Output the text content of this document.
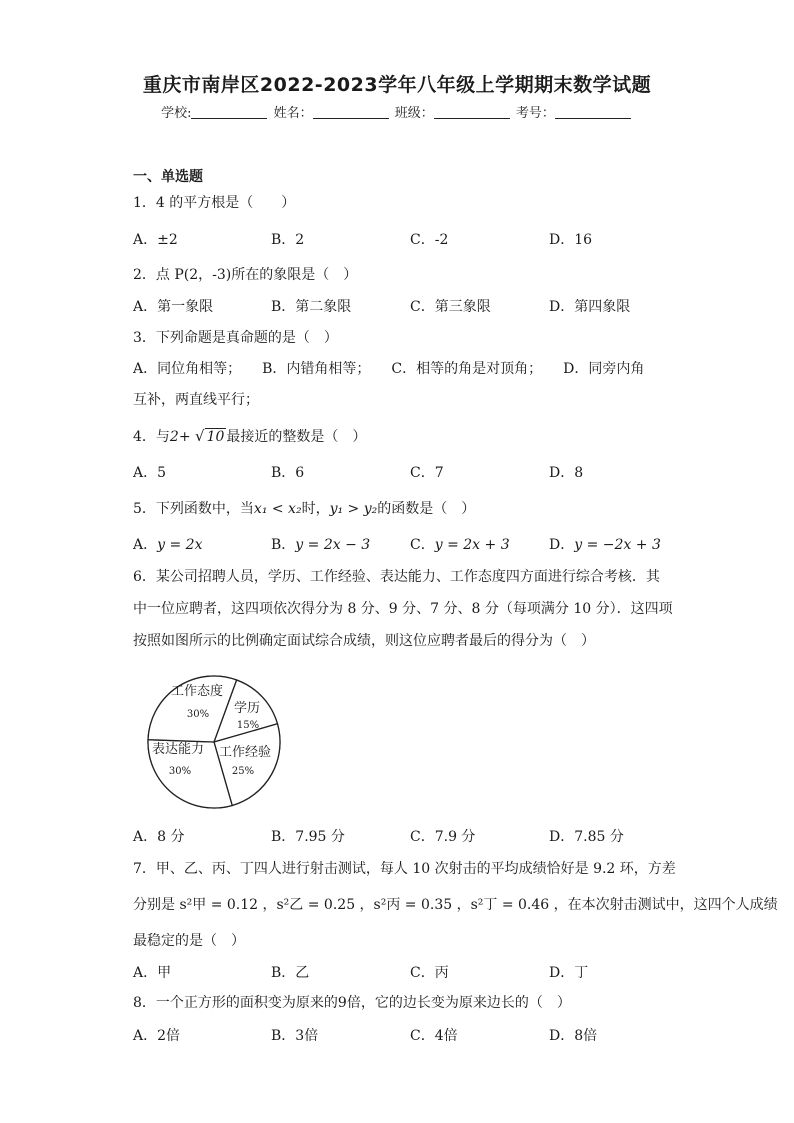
重庆市南岸区2022-2023学年八年级上学期期末数学试题
学校:	姓名：	班级：	考号：
一、单选题
1．4 的平方根是（　　）
A．±2	B．2	C．-2	D．16
2．点 P(2，-3)所在的象限是（　）
A．第一象限	B．第二象限	C．第三象限	D．第四象限
3．下列命题是真命题的是（　）
A．同位角相等；　　B．内错角相等；　　C．相等的角是对顶角；　　D．同旁内角
互补，两直线平行；
4．与2+ √ 10 最接近的整数是（　）
A．5	B．6	C．7	D．8
5．下列函数中，当x₁ < x₂时，y₁ > y₂的函数是（　）
A．y = 2x	B．y = 2x − 3	C．y = 2x + 3	D．y = −2x + 3
6．某公司招聘人员，学历、工作经验、表达能力、工作态度四方面进行综合考核．其
中一位应聘者，这四项依次得分为 8 分、9 分、7 分、8 分（每项满分 10 分）．这四项
按照如图所示的比例确定面试综合成绩，则这位应聘者最后的得分为（　）
学历
15%
工作经验
25%
表达能力
30%
工作态度
30%
A．8 分	B．7.95 分	C．7.9 分	D．7.85 分
7．甲、乙、丙、丁四人进行射击测试，每人 10 次射击的平均成绩恰好是 9.2 环，方差
分别是 s²甲 = 0.12 ，s²乙 = 0.25 ，s²丙 = 0.35 ，s²丁 = 0.46 ，在本次射击测试中，这四个人成绩
最稳定的是（　）
A．甲	B．乙	C．丙	D．丁
8．一个正方形的面积变为原来的9倍，它的边长变为原来边长的（　）
A．2倍	B．3倍	C．4倍	D．8倍
